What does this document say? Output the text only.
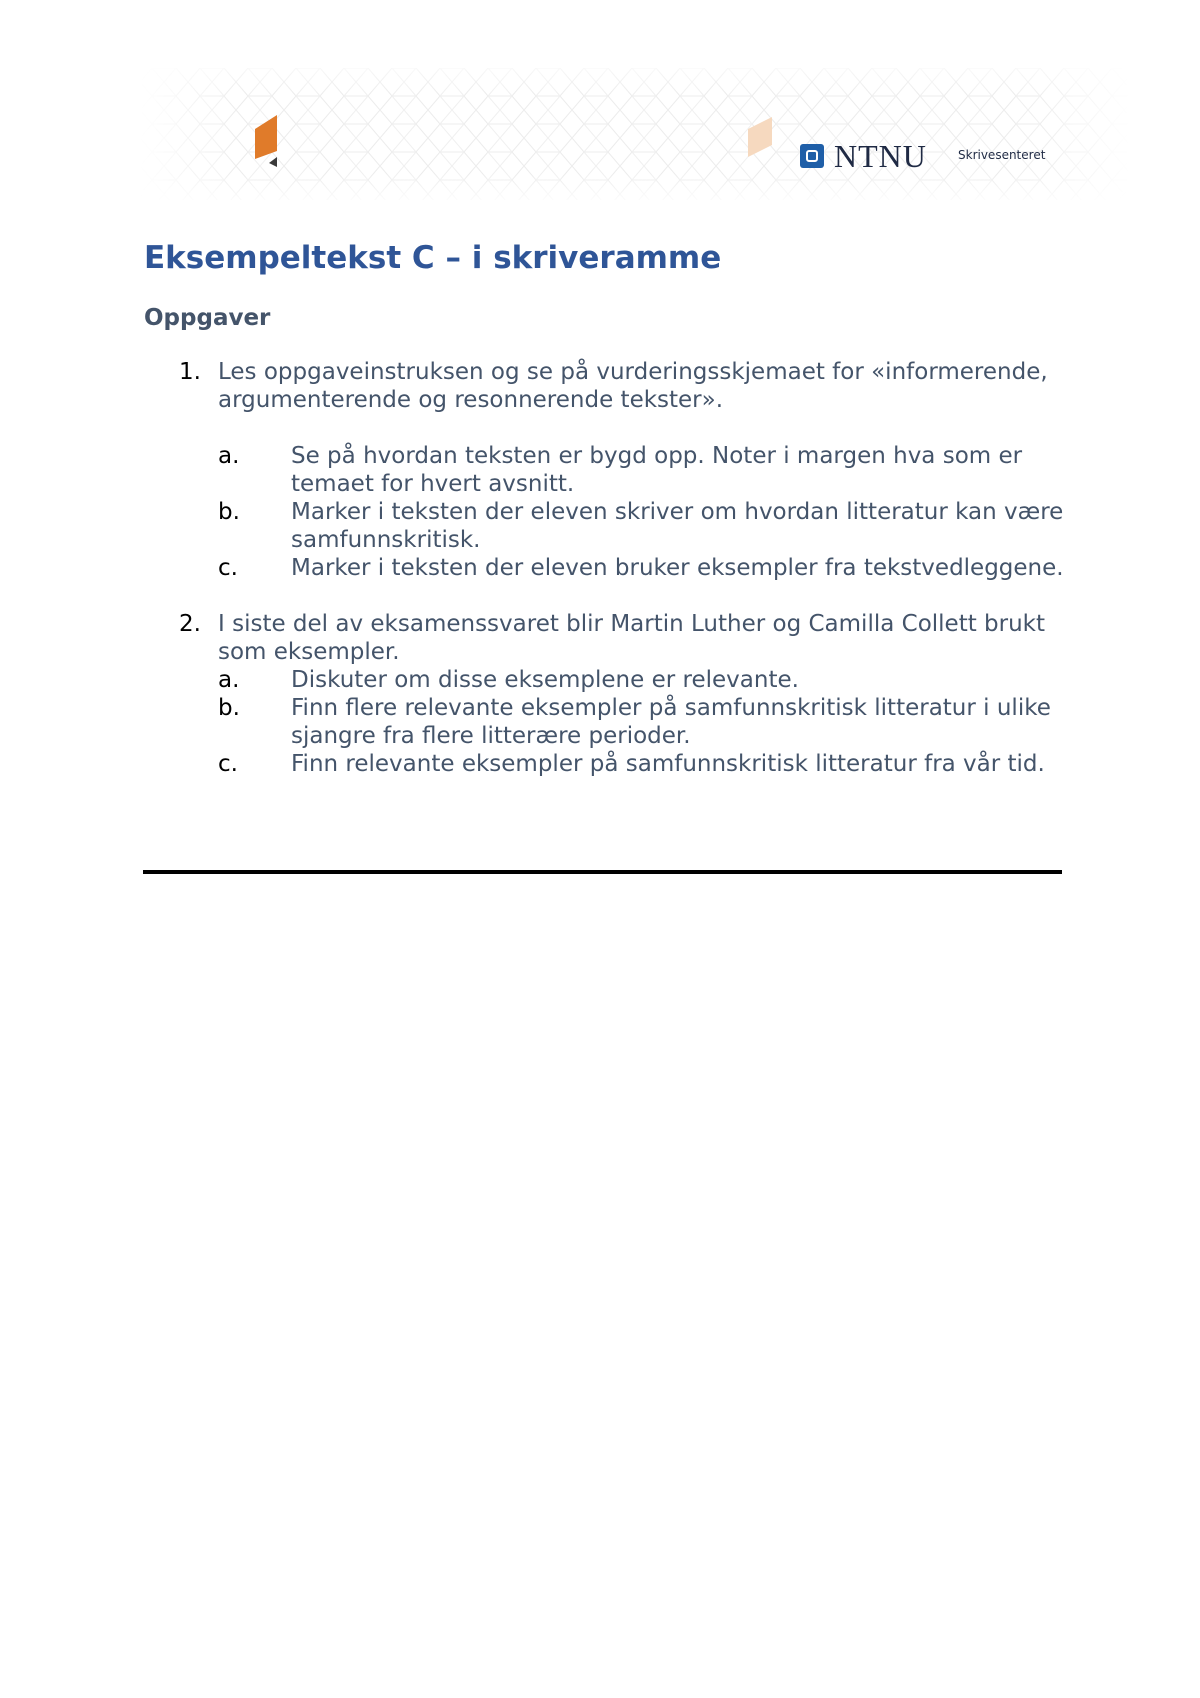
NTNU	Skrivesenteret
Eksempeltekst C – i skriveramme
Oppgaver
1. Les oppgaveinstruksen og se på vurderingsskjemaet for «informerende, argumenterende og resonnerende tekster».
a. Se på hvordan teksten er bygd opp. Noter i margen hva som er temaet for hvert avsnitt.
b. Marker i teksten der eleven skriver om hvordan litteratur kan være samfunnskritisk.
c. Marker i teksten der eleven bruker eksempler fra tekstvedleggene.
2. I siste del av eksamenssvaret blir Martin Luther og Camilla Collett brukt som eksempler.
a. Diskuter om disse eksemplene er relevante.
b. Finn flere relevante eksempler på samfunnskritisk litteratur i ulike sjangre fra flere litterære perioder.
c. Finn relevante eksempler på samfunnskritisk litteratur fra vår tid.
